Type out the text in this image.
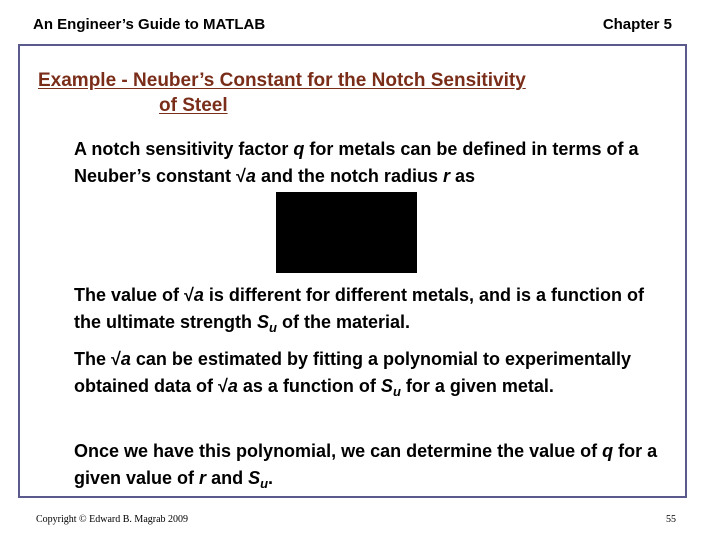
An Engineer’s Guide to MATLAB	Chapter 5
Example - Neuber’s Constant for the Notch Sensitivity
of Steel
A notch sensitivity factor q for metals can be defined in terms of a Neuber’s constant √a and the notch radius r as
The value of √a is different for different metals, and is a function of the ultimate strength $S_u$ of the material.
The √a can be estimated by fitting a polynomial to experimentally obtained data of √a as a function of $S_u$ for a given metal.
Once we have this polynomial, we can determine the value of q for a given value of r and $S_u$.
Copyright © Edward B. Magrab 2009	55
